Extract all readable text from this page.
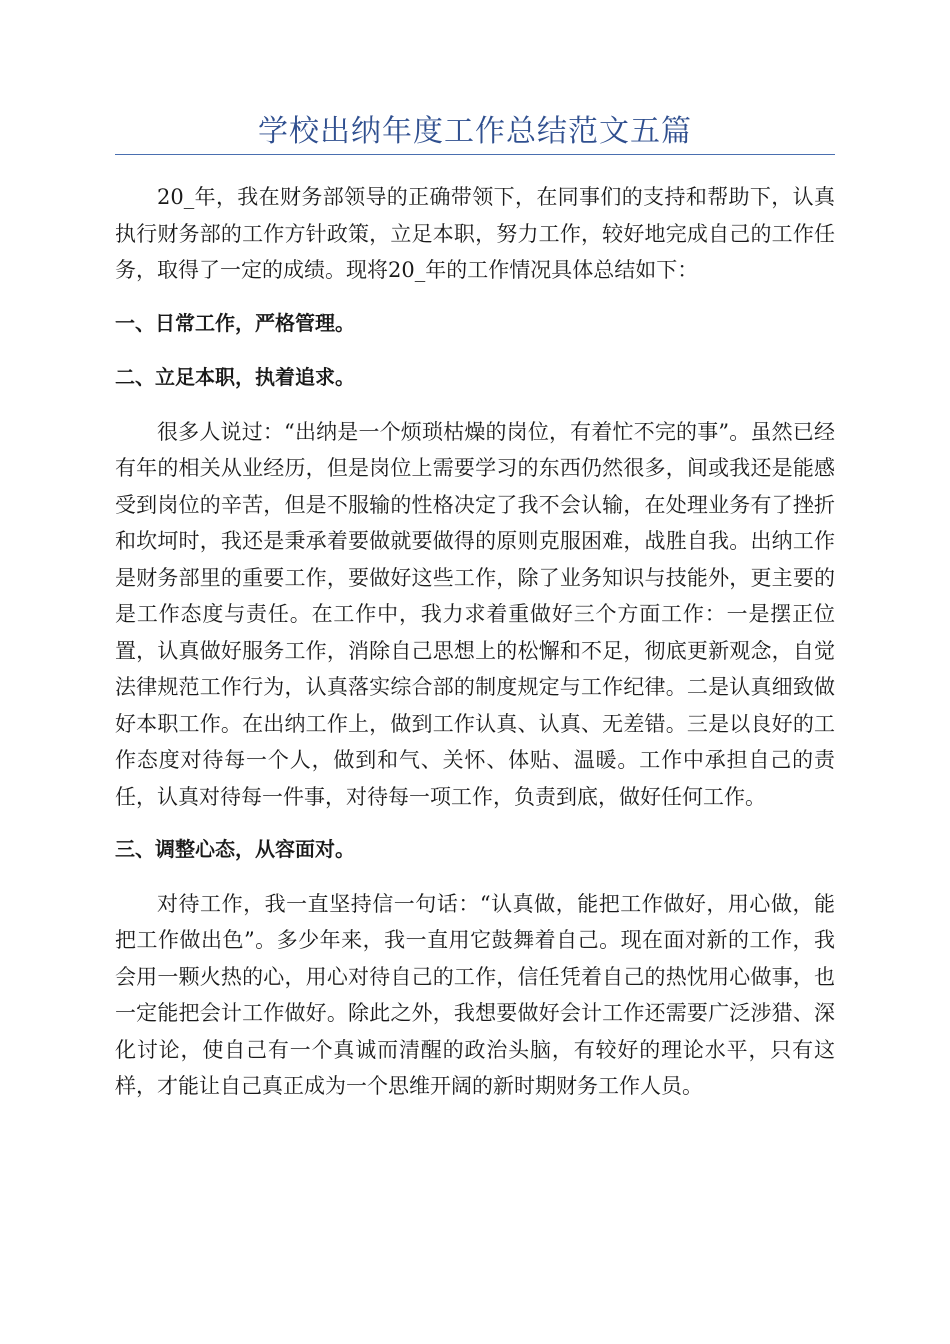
学校出纳年度工作总结范文五篇

20_年，我在财务部领导的正确带领下，在同事们的支持和帮助下，认真执行财务部的工作方针政策，立足本职，努力工作，较好地完成自己的工作任务，取得了一定的成绩。现将20_年的工作情况具体总结如下：

一、日常工作，严格管理。

二、立足本职，执着追求。

很多人说过：“出纳是一个烦琐枯燥的岗位，有着忙不完的事”。虽然已经有年的相关从业经历，但是岗位上需要学习的东西仍然很多，间或我还是能感受到岗位的辛苦，但是不服输的性格决定了我不会认输，在处理业务有了挫折和坎坷时，我还是秉承着要做就要做得的原则克服困难，战胜自我。出纳工作是财务部里的重要工作，要做好这些工作，除了业务知识与技能外，更主要的是工作态度与责任。在工作中，我力求着重做好三个方面工作：一是摆正位置，认真做好服务工作，消除自己思想上的松懈和不足，彻底更新观念，自觉法律规范工作行为，认真落实综合部的制度规定与工作纪律。二是认真细致做好本职工作。在出纳工作上，做到工作认真、认真、无差错。三是以良好的工作态度对待每一个人，做到和气、关怀、体贴、温暖。工作中承担自己的责任，认真对待每一件事，对待每一项工作，负责到底，做好任何工作。

三、调整心态，从容面对。

对待工作，我一直坚持信一句话：“认真做，能把工作做好，用心做，能把工作做出色”。多少年来，我一直用它鼓舞着自己。现在面对新的工作，我会用一颗火热的心，用心对待自己的工作，信任凭着自己的热忱用心做事，也一定能把会计工作做好。除此之外，我想要做好会计工作还需要广泛涉猎、深化讨论，使自己有一个真诚而清醒的政治头脑，有较好的理论水平，只有这样，才能让自己真正成为一个思维开阔的新时期财务工作人员。
